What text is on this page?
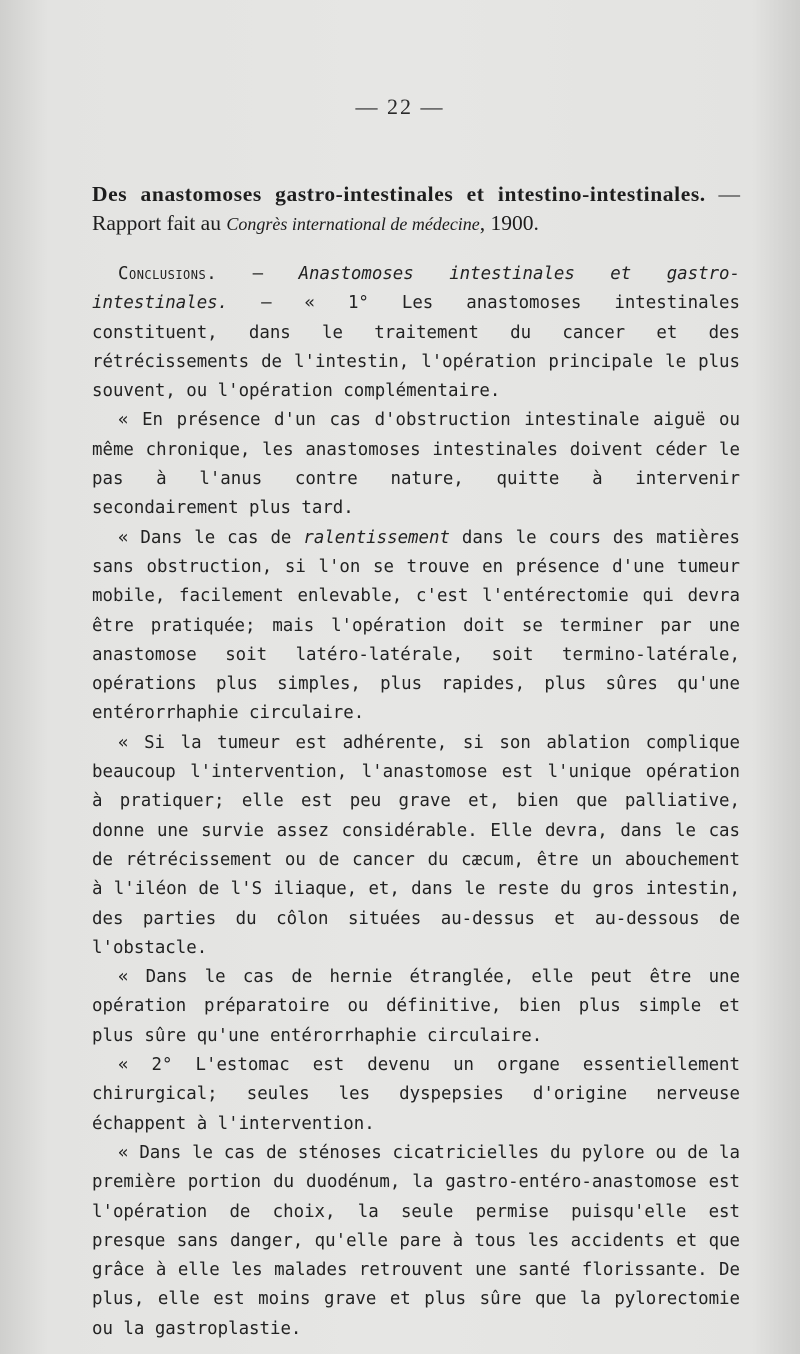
— 22 —
Des anastomoses gastro-intestinales et intestino-intestinales. — Rapport fait au Congrès international de médecine, 1900.

Conclusions. — Anastomoses intestinales et gastro-intestinales. — « 1° Les anastomoses intestinales constituent, dans le traitement du cancer et des rétrécissements de l'intestin, l'opération principale le plus souvent, ou l'opération complémentaire.

« En présence d'un cas d'obstruction intestinale aiguë ou même chronique, les anastomoses intestinales doivent céder le pas à l'anus contre nature, quitte à intervenir secondairement plus tard.

« Dans le cas de ralentissement dans le cours des matières sans obstruction, si l'on se trouve en présence d'une tumeur mobile, facilement enlevable, c'est l'entérectomie qui devra être pratiquée; mais l'opération doit se terminer par une anastomose soit latéro-latérale, soit termino-latérale, opérations plus simples, plus rapides, plus sûres qu'une entérorrhaphie circulaire.

« Si la tumeur est adhérente, si son ablation complique beaucoup l'intervention, l'anastomose est l'unique opération à pratiquer; elle est peu grave et, bien que palliative, donne une survie assez considérable. Elle devra, dans le cas de rétrécissement ou de cancer du cæcum, être un abouchement à l'iléon de l'S iliaque, et, dans le reste du gros intestin, des parties du côlon situées au-dessus et au-dessous de l'obstacle.

« Dans le cas de hernie étranglée, elle peut être une opération préparatoire ou définitive, bien plus simple et plus sûre qu'une entérorrhaphie circulaire.

« 2° L'estomac est devenu un organe essentiellement chirurgical; seules les dyspepsies d'origine nerveuse échappent à l'intervention.

« Dans le cas de sténoses cicatricielles du pylore ou de la première portion du duodénum, la gastro-entéro-anastomose est l'opération de choix, la seule permise puisqu'elle est presque sans danger, qu'elle pare à tous les accidents et que grâce à elle les malades retrouvent une santé florissante. De plus, elle est moins grave et plus sûre que la pylorectomie ou la gastroplastie.
